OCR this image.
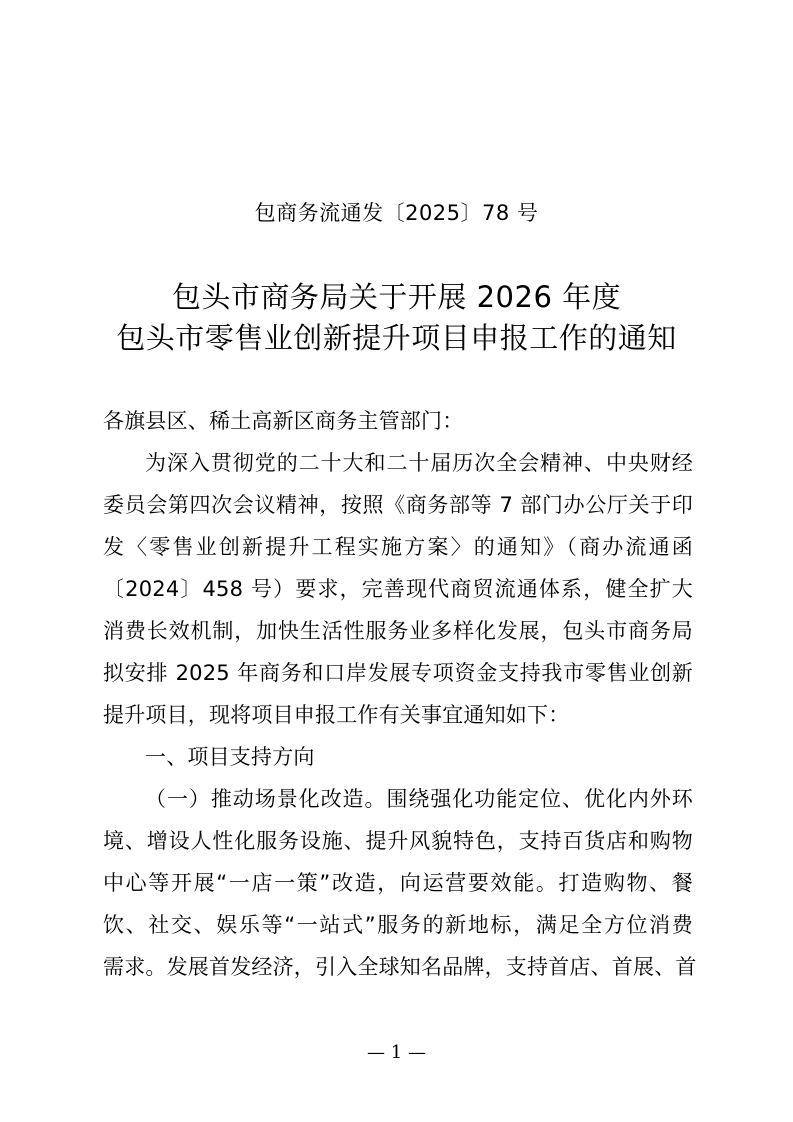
包商务流通发〔2025〕78 号
包头市商务局关于开展 2026 年度
包头市零售业创新提升项目申报工作的通知
各旗县区、稀土高新区商务主管部门：
为深入贯彻党的二十大和二十届历次全会精神、中央财经
委员会第四次会议精神，按照《商务部等 7 部门办公厅关于印
发〈零售业创新提升工程实施方案〉的通知》（商办流通函
〔2024〕458 号）要求，完善现代商贸流通体系，健全扩大
消费长效机制，加快生活性服务业多样化发展，包头市商务局
拟安排 2025 年商务和口岸发展专项资金支持我市零售业创新
提升项目，现将项目申报工作有关事宜通知如下：
一、项目支持方向
（一）推动场景化改造。围绕强化功能定位、优化内外环
境、增设人性化服务设施、提升风貌特色，支持百货店和购物
中心等开展“一店一策”改造，向运营要效能。打造购物、餐
饮、社交、娱乐等“一站式”服务的新地标，满足全方位消费
需求。发展首发经济，引入全球知名品牌，支持首店、首展、首
— 1 —
